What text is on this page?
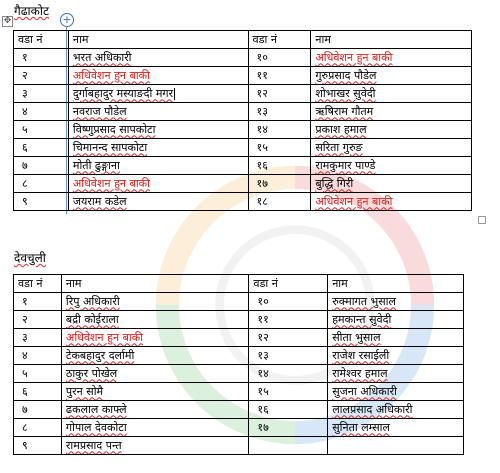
गैढाकोट
✥	+
वडा नं	नाम	वडा नं	नाम
१	भरत अधिकारी	१०	अधिवेशन हुन बाकी
२	अधिवेशन हुन बाकी	११	गुरुप्रसाद पौडेल
३	दुर्गाबहादुर मस्याङदी मगर	१२	शोभाखर सुवेदी
४	नवराज पौडेल	१३	ऋषिराम गौतम
५	विष्णुप्रसाद सापकोटा	१४	प्रकाश हमाल
६	चिमानन्द सापकोटा	१५	सरिता गुरुङ
७	मोती ढुङ्गाना	१६	रामकुमार पाण्डे
८	अधिवेशन हुन बाकी	१७	बुद्धि गिरी
९	जयराम कडेल	१८	अधिवेशन हुन बाकी
देवचुली
वडा नं	नाम	वडा नं	नाम
१	रिपु अधिकारी	१०	रुक्मागत भुसाल
२	बद्री कोईराला	११	हमकान्त सुवेदी
३	अधिवेशन हुन बाकी	१२	सीता भुसाल
४	टेकबहादुर दर्लामी	१३	राजेश रसाईली
५	ठाकुर पोखेल	१४	रामेश्वर हमाल
६	पुरन सोमै	१५	सुजना अधिकारी
७	ढकलाल काफ्ले	१६	लालप्रसाद अधिकारी
८	गोपाल देवकोटा	१७	सुनिता लम्साल
९	रामप्रसाद पन्त		
